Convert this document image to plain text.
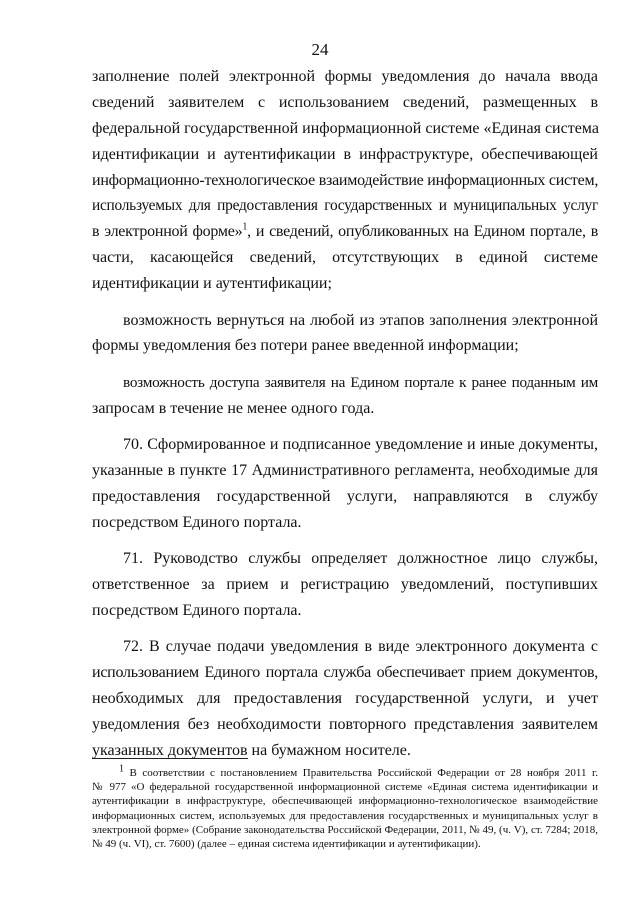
24
заполнение полей электронной формы уведомления до начала ввода
сведений заявителем с использованием сведений, размещенных в
федеральной государственной информационной системе «Единая система
идентификации и аутентификации в инфраструктуре, обеспечивающей
информационно-технологическое взаимодействие информационных систем,
используемых для предоставления государственных и муниципальных услуг
в электронной форме»$^1$, и сведений, опубликованных на Едином портале, в
части, касающейся сведений, отсутствующих в единой системе
идентификации и аутентификации;
возможность вернуться на любой из этапов заполнения электронной
формы уведомления без потери ранее введенной информации;
возможность доступа заявителя на Едином портале к ранее поданным им
запросам в течение не менее одного года.
70. Сформированное и подписанное уведомление и иные документы,
указанные в пункте 17 Административного регламента, необходимые для
предоставления государственной услуги, направляются в службу
посредством Единого портала.
71. Руководство службы определяет должностное лицо службы,
ответственное за прием и регистрацию уведомлений, поступивших
посредством Единого портала.
72. В случае подачи уведомления в виде электронного документа с
использованием Единого портала служба обеспечивает прием документов,
необходимых для предоставления государственной услуги, и учет
уведомления без необходимости повторного представления заявителем
указанных документов на бумажном носителе.
$^1$ В соответствии с постановлением Правительства Российской Федерации от 28 ноября 2011 г.
№ 977 «О федеральной государственной информационной системе «Единая система идентификации и
аутентификации в инфраструктуре, обеспечивающей информационно-технологическое взаимодействие
информационных систем, используемых для предоставления государственных и муниципальных услуг в
электронной форме» (Собрание законодательства Российской Федерации, 2011, № 49, (ч. V), ст. 7284; 2018,
№ 49 (ч. VI), ст. 7600) (далее – единая система идентификации и аутентификации).
